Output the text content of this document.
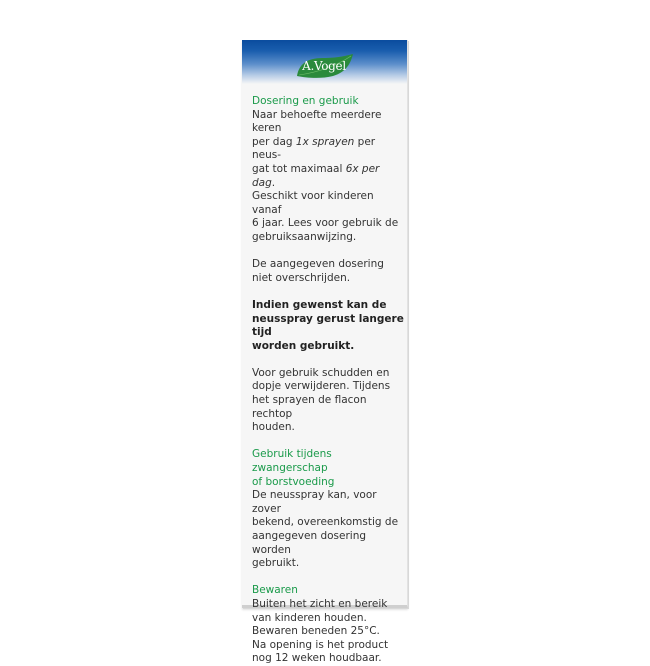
A.Vogel
Dosering en gebruik
Naar behoefte meerdere keren
per dag 1x sprayen per neus-
gat tot maximaal 6x per dag.
Geschikt voor kinderen vanaf
6 jaar. Lees voor gebruik de
gebruiksaanwijzing.
De aangegeven dosering
niet overschrijden.
Indien gewenst kan de
neusspray gerust langere tijd
worden gebruikt.
Voor gebruik schudden en
dopje verwijderen. Tijdens
het sprayen de flacon rechtop
houden.
Gebruik tijdens zwangerschap
of borstvoeding
De neusspray kan, voor zover
bekend, overeenkomstig de
aangegeven dosering worden
gebruikt.
Bewaren
Buiten het zicht en bereik
van kinderen houden.
Bewaren beneden 25°C.
Na opening is het product
nog 12 weken houdbaar.
